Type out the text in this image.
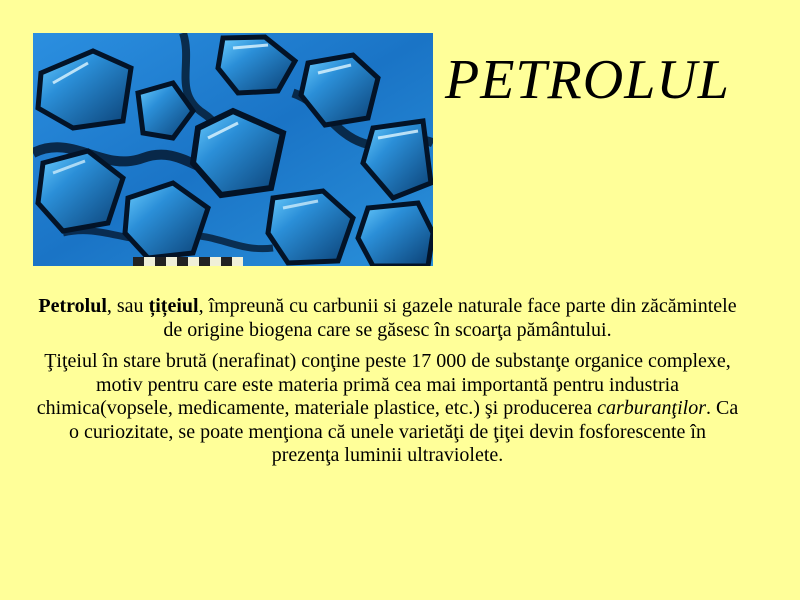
PETROLUL

Petrolul, sau țițeiul, împreună cu carbunii si gazele naturale face parte din zăcămintele de origine biogena care se găsesc în scoarţa pământului.

Ţiţeiul în stare brută (nerafinat) conţine peste 17 000 de substanţe organice complexe, motiv pentru care este materia primă cea mai importantă pentru industria chimica(vopsele, medicamente, materiale plastice, etc.) şi producerea carburanţilor. Ca o curiozitate, se poate menţiona că unele varietăţi de ţiţei devin fosforescente în prezenţa luminii ultraviolete.
